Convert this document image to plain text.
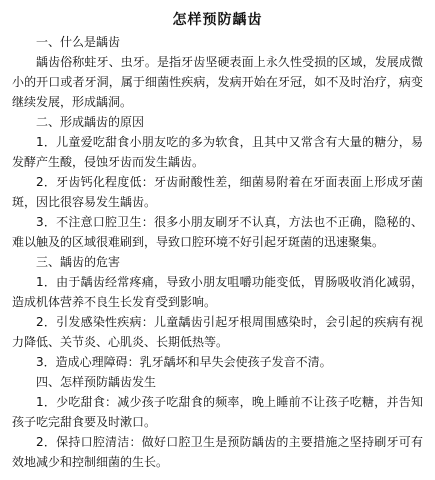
怎样预防龋齿
一、什么是龋齿

龋齿俗称蛀牙、虫牙。是指牙齿坚硬表面上永久性受损的区域，发展成微小的开口或者牙洞，属于细菌性疾病，发病开始在牙冠，如不及时治疗，病变继续发展，形成龋洞。

二、形成龋齿的原因

1．儿童爱吃甜食小朋友吃的多为软食，且其中又常含有大量的糖分，易发酵产生酸，侵蚀牙齿而发生龋齿。

2．牙齿钙化程度低：牙齿耐酸性差，细菌易附着在牙面表面上形成牙菌斑，因比很容易发生龋齿。

3．不注意口腔卫生：很多小朋友刷牙不认真，方法也不正确，隐秘的、难以触及的区域很难刷到，导致口腔环境不好引起牙斑菌的迅速聚集。

三、龋齿的危害

1．由于龋齿经常疼痛，导致小朋友咀嚼功能变低，胃肠吸收消化减弱，造成机体营养不良生长发育受到影响。

2．引发感染性疾病：儿童龋齿引起牙根周围感染时，会引起的疾病有视力降低、关节炎、心肌炎、长期低热等。

3．造成心理障碍：乳牙龋坏和早失会使孩子发音不清。

四、怎样预防龋齿发生

1．少吃甜食：减少孩子吃甜食的频率，晚上睡前不让孩子吃糖，并告知孩子吃完甜食要及时漱口。

2．保持口腔清洁：做好口腔卫生是预防龋齿的主要措施之坚持刷牙可有效地减少和控制细菌的生长。
